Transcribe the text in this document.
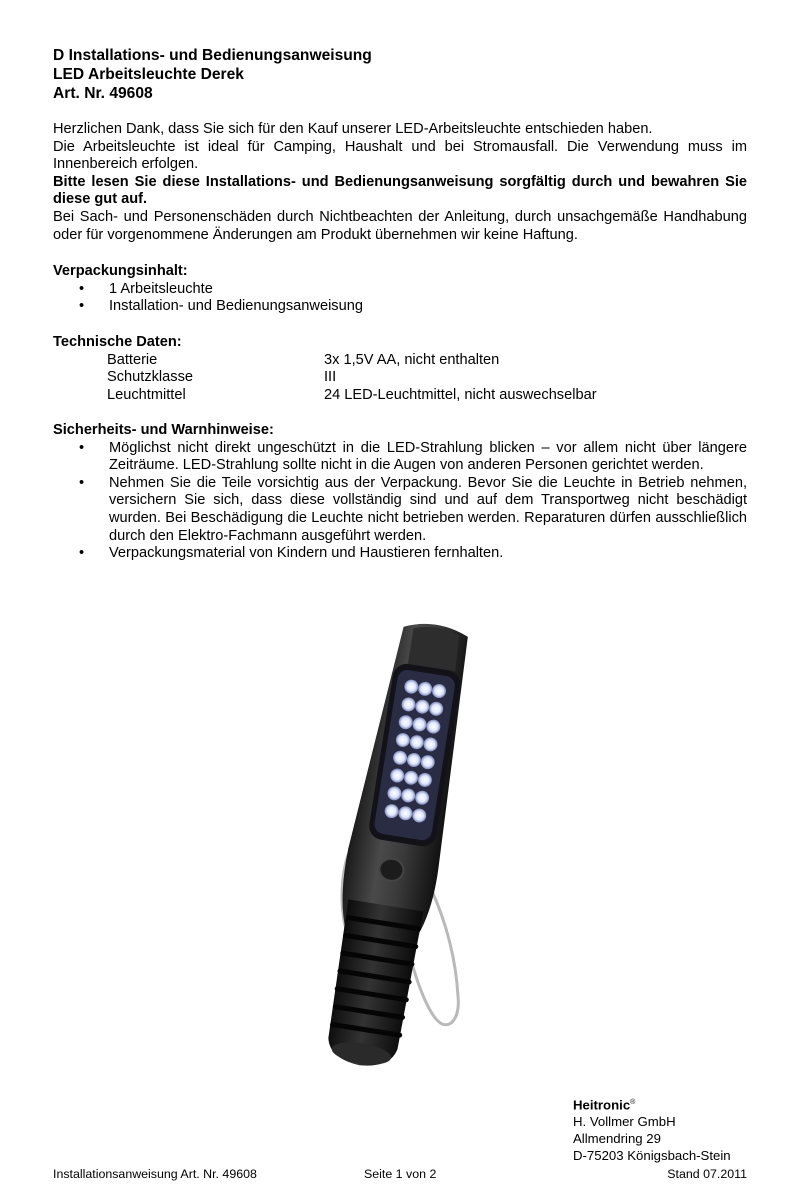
D Installations- und Bedienungsanweisung
LED Arbeitsleuchte Derek
Art. Nr. 49608

Herzlichen Dank, dass Sie sich für den Kauf unserer LED-Arbeitsleuchte entschieden haben.

Die Arbeitsleuchte ist ideal für Camping, Haushalt und bei Stromausfall. Die Verwendung muss im Innenbereich erfolgen.

Bitte lesen Sie diese Installations- und Bedienungsanweisung sorgfältig durch und bewahren Sie diese gut auf.

Bei Sach- und Personenschäden durch Nichtbeachten der Anleitung, durch unsachgemäße Handhabung oder für vorgenommene Änderungen am Produkt übernehmen wir keine Haftung.

Verpackungsinhalt:

• 1 Arbeitsleuchte
• Installation- und Bedienungsanweisung

Technische Daten:

Batterie	3x 1,5V AA, nicht enthalten
Schutzklasse	III
Leuchtmittel	24 LED-Leuchtmittel, nicht auswechselbar

Sicherheits- und Warnhinweise:

• Möglichst nicht direkt ungeschützt in die LED-Strahlung blicken – vor allem nicht über längere Zeiträume. LED-Strahlung sollte nicht in die Augen von anderen Personen gerichtet werden.
• Nehmen Sie die Teile vorsichtig aus der Verpackung. Bevor Sie die Leuchte in Betrieb nehmen, versichern Sie sich, dass diese vollständig sind und auf dem Transportweg nicht beschädigt wurden. Bei Beschädigung die Leuchte nicht betrieben werden. Reparaturen dürfen ausschließlich durch den Elektro-Fachmann ausgeführt werden.
• Verpackungsmaterial von Kindern und Haustieren fernhalten.
Heitronic®
H. Vollmer GmbH
Allmendring 29
D-75203 Königsbach-Stein
Installationsanweisung Art. Nr. 49608	Seite 1 von 2	Stand 07.2011
